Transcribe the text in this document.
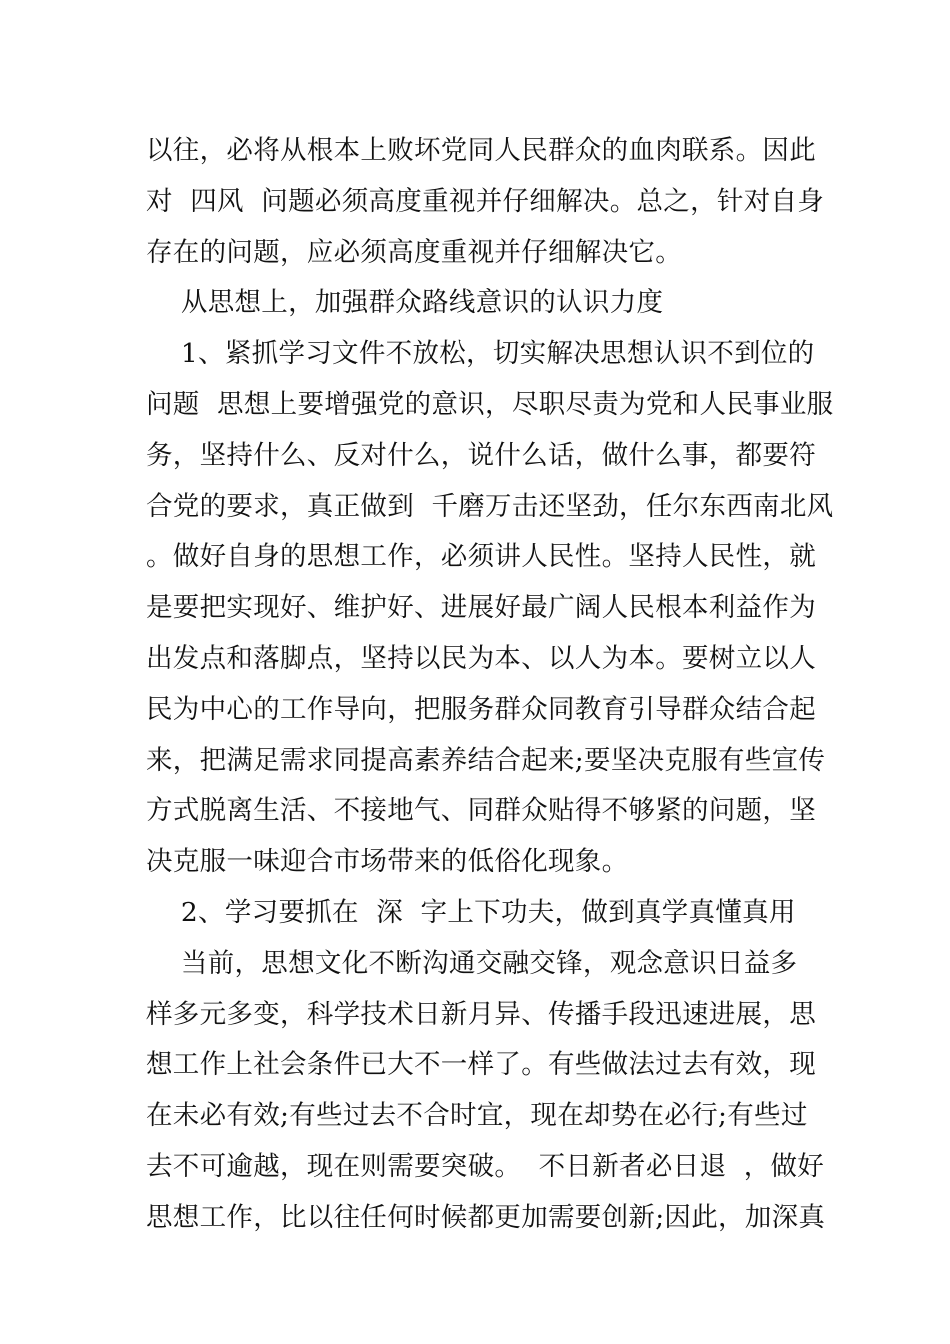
以往，必将从根本上败坏党同人民群众的血肉联系。因此
对  四风  问题必须高度重视并仔细解决。总之，针对自身
存在的问题，应必须高度重视并仔细解决它。
从思想上，加强群众路线意识的认识力度
1、紧抓学习文件不放松，切实解决思想认识不到位的
问题  思想上要增强党的意识，尽职尽责为党和人民事业服
务，坚持什么、反对什么，说什么话，做什么事，都要符
合党的要求，真正做到  千磨万击还坚劲，任尔东西南北风
。做好自身的思想工作，必须讲人民性。坚持人民性，就
是要把实现好、维护好、进展好最广阔人民根本利益作为
出发点和落脚点，坚持以民为本、以人为本。要树立以人
民为中心的工作导向，把服务群众同教育引导群众结合起
来，把满足需求同提高素养结合起来;要坚决克服有些宣传
方式脱离生活、不接地气、同群众贴得不够紧的问题，坚
决克服一味迎合市场带来的低俗化现象。
2、学习要抓在  深  字上下功夫，做到真学真懂真用
当前，思想文化不断沟通交融交锋，观念意识日益多
样多元多变，科学技术日新月异、传播手段迅速进展，思
想工作上社会条件已大不一样了。有些做法过去有效，现
在未必有效;有些过去不合时宜，现在却势在必行;有些过
去不可逾越，现在则需要突破。  不日新者必日退  ，做好
思想工作，比以往任何时候都更加需要创新;因此，加深真
